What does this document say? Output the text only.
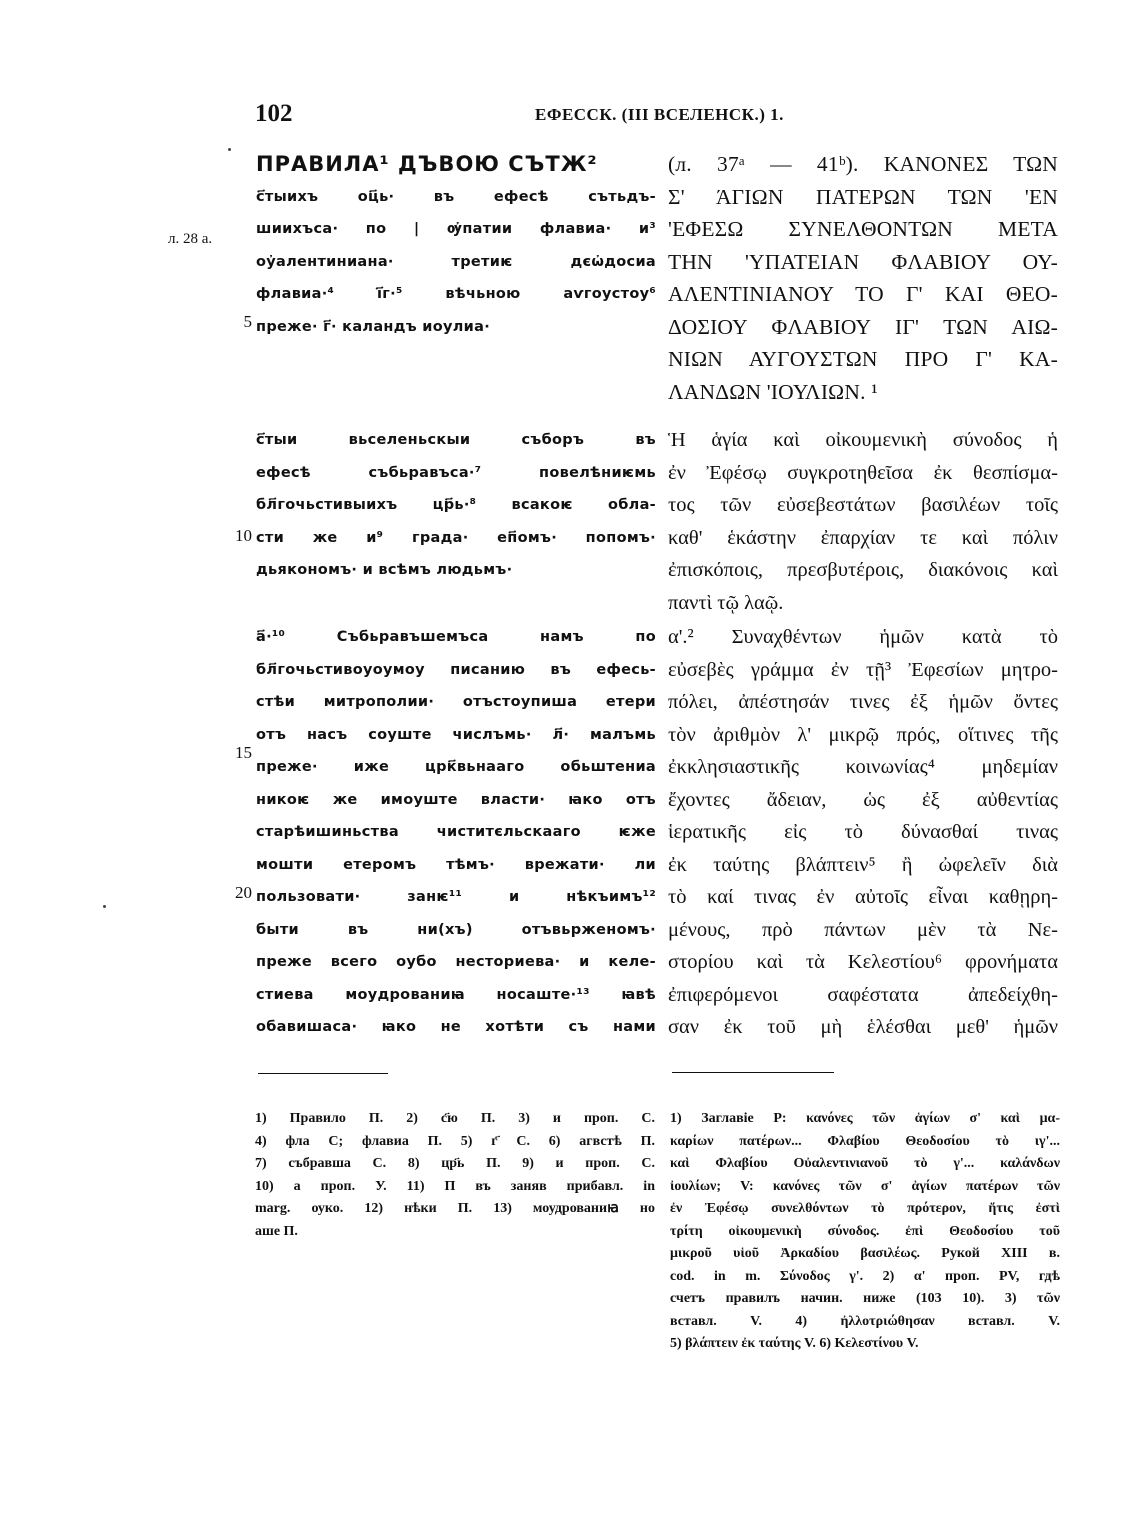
102	ЕФЕСCК. (III ВСЕЛЕНСК.) 1.
л. 28 а.
5
10
15
20
ПРАВИЛА¹ ДЪВОЮ СЪТЖ²
с҃тыихъ оц҃ь· въ ефесѣ сътьдъ-
шиихъса· по | ѹ҆патии флавиа· и³
оу҆алентиниана· третиѥ дєѡ҆досиа
флавиа·⁴ і҃г·⁵ вѣчьною аѵгоустоу⁶
преже· г҃· каландъ иоулиа·
с҃тыи вьселеньскыи съборъ въ
ефесѣ събьравъса·⁷ повелѣниѥмь
бл҃гочьстивыихъ цр҃ь·⁸ всакоѥ обла-
сти же и⁹ града· еп҃омъ· попомъ·
дьякономъ· и всѣмъ людьмъ·
а҃·¹⁰ Събьравъшемъса намъ по
бл҃гочьстивоуоумоу писанию въ ефесь-
стѣи митрополии· отъстоупиша етери
отъ насъ соуште числъмь· л҃· малъмь
преже· иже црк҃вьнааго обьштениа
никоѥ же имоуште власти· ꙗко отъ
старѣишиньства чиститєльскааго ѥже
мошти етеромъ тѣмъ· врежати· ли
пользовати· занѥ¹¹ и нѣкъимъ¹²
быти въ ни(хъ) отъвьрженомъ·
преже всего оубо несториева· и келе-
стиева моудрованиꙗ носаште·¹³ ꙗвѣ
обавишаса· ꙗко не хотѣти съ нами
(л. 37ᵃ — 41ᵇ). ΚΑΝΟΝΕΣ ΤΩΝ
Σ' ΆΓΙΩΝ ΠΑΤΕΡΩΝ ΤΩΝ 'ΕΝ
'ΕΦΕΣΩ ΣΥΝΕΛΘΟΝΤΩΝ ΜΕΤΑ
ΤΗΝ 'ΥΠΑΤΕΙΑΝ ΦΛΑΒΙΟΥ ΟΥ-
ΑΛΕΝΤΙΝΙΑΝΟΥ ΤΟ Γ' ΚΑΙ ΘΕΟ-
ΔΟΣΙΟΥ ΦΛΑΒΙΟΥ ΙΓ' ΤΩΝ ΑΙΩ-
ΝΙΩΝ ΑΥΓΟΥΣΤΩΝ ΠΡΟ Γ' ΚΑ-
ΛΑΝΔΩΝ 'ΙΟΥΛΙΩΝ. ¹
Ἡ ἁγία καὶ οἰκουμενικὴ σύνοδος ἡ
ἐν Ἐφέσῳ συγκροτηθεῖσα ἐκ θεσπίσμα-
τος τῶν εὐσεβεστάτων βασιλέων τοῖς
καθ' ἑκάστην ἐπαρχίαν τε καὶ πόλιν
ἐπισκόποις, πρεσβυτέροις, διακόνοις καὶ
παντὶ τῷ λαῷ.
α'.² Συναχθέντων ἡμῶν κατὰ τὸ
εὐσεβὲς γράμμα ἐν τῇ³ Ἐφεσίων μητρο-
πόλει, ἀπέστησάν τινες ἐξ ἡμῶν ὄντες
τὸν ἀριθμὸν λ' μικρῷ πρός, οἵτινες τῆς
ἐκκλησιαστικῆς κοινωνίας⁴ μηδεμίαν
ἔχοντες ἄδειαν, ὡς ἐξ αὐθεντίας
ἱερατικῆς εἰς τὸ δύνασθαί τινας
ἐκ ταύτης βλάπτειν⁵ ἢ ὠφελεῖν διὰ
τὸ καί τινας ἐν αὐτοῖς εἶναι καθῃρη-
μένους, πρὸ πάντων μὲν τὰ Νε-
στορίου καὶ τὰ Κελεστίου⁶ φρονήματα
ἐπιφερόμενοι σαφέστατα ἀπεδείχθη-
σαν ἐκ τοῦ μὴ ἑλέσθαι μεθ' ἡμῶν
1) Правило П. 2) с҃ю П. 3) и проп. С.
4) фла С; флавиа П. 5) г҃ С. 6) агвстѣ П.
7) събравша С. 8) цр҃ь П. 9) и проп. С.
10) а проп. У. 11) П въ заняв прибавл. in
marg. оуко. 12) нѣки П. 13) моудрованиꙗ но
аше П.
1) Заглавіе P: κανόνες τῶν ἁγίων σ' καὶ μα-
καρίων πατέρων... Φλαβίου Θεοδοσίου τὸ ιγ'...
καὶ Φλαβίου Οὐαλεντινιανοῦ τὸ γ'... καλάνδων
ἰουλίων; V: κανόνες τῶν σ' ἁγίων πατέρων τῶν
ἐν Ἐφέσῳ συνελθόντων τὸ πρότερον, ἥτις ἐστὶ
τρίτη οἰκουμενικὴ σύνοδος. ἐπὶ Θεοδοσίου τοῦ
μικροῦ υἱοῦ Ἀρκαδίου βασιλέως. Рукой XIII в.
cod. in m. Σύνοδος γ'. 2) α' проп. PV, гдѣ
счетъ правилъ начин. ниже (103 10). 3) τῶν
вставл. V. 4) ἠλλοτριώθησαν вставл. V.
5) βλάπτειν ἐκ ταύτης V. 6) Κελεστίνου V.
